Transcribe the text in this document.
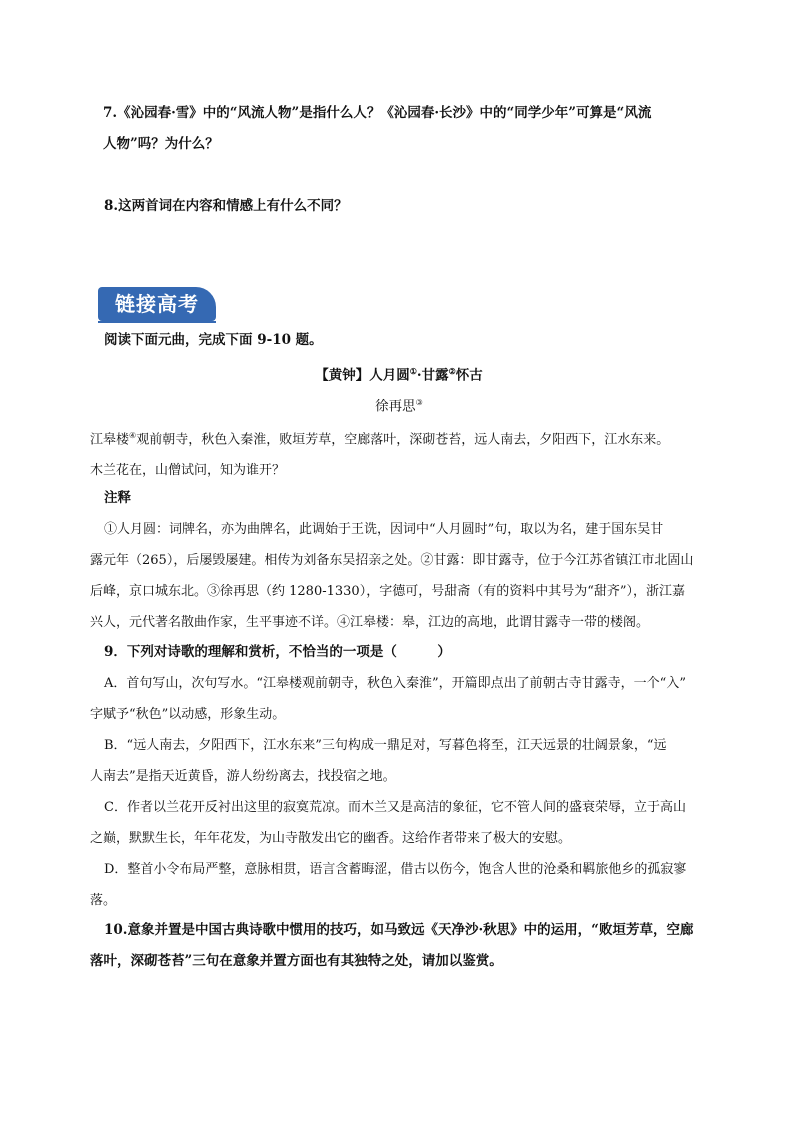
7.《沁园春·雪》中的“风流人物”是指什么人？《沁园春·长沙》中的“同学少年”可算是“风流
人物”吗？为什么？
8.这两首词在内容和情感上有什么不同？
链接高考
阅读下面元曲，完成下面 9-10 题。
【黄钟】人月圆①·甘露②怀古
徐再思③
江皋楼④观前朝寺，秋色入秦淮，败垣芳草，空廊落叶，深砌苍苔，远人南去，夕阳西下，江水东来。
木兰花在，山僧试问，知为谁开？
注释
①人月圆：词牌名，亦为曲牌名，此调始于王诜，因词中“人月圆时”句，取以为名，建于国东吴甘
露元年（265），后屡毁屡建。相传为刘备东吴招亲之处。②甘露：即甘露寺，位于今江苏省镇江市北固山
后峰，京口城东北。③徐再思（约 1280-1330），字德可，号甜斋（有的资料中其号为“甜齐”），浙江嘉
兴人，元代著名散曲作家，生平事迹不详。④江皋楼：皋，江边的高地，此谓甘露寺一带的楼阁。
9．下列对诗歌的理解和赏析，不恰当的一项是（　　　）
A．首句写山，次句写水。“江皋楼观前朝寺，秋色入秦淮”，开篇即点出了前朝古寺甘露寺，一个“入”
字赋予“秋色”以动感，形象生动。
B．“远人南去，夕阳西下，江水东来”三句构成一鼎足对，写暮色将至，江天远景的壮阔景象，“远
人南去”是指天近黄昏，游人纷纷离去，找投宿之地。
C．作者以兰花开反衬出这里的寂寞荒凉。而木兰又是高洁的象征，它不管人间的盛衰荣辱，立于高山
之巅，默默生长，年年花发，为山寺散发出它的幽香。这给作者带来了极大的安慰。
D．整首小令布局严整，意脉相贯，语言含蓄晦涩，借古以伤今，饱含人世的沧桑和羁旅他乡的孤寂寥
落。
10.意象并置是中国古典诗歌中惯用的技巧，如马致远《天净沙·秋思》中的运用，“败垣芳草，空廊
落叶，深砌苍苔”三句在意象并置方面也有其独特之处，请加以鉴赏。
